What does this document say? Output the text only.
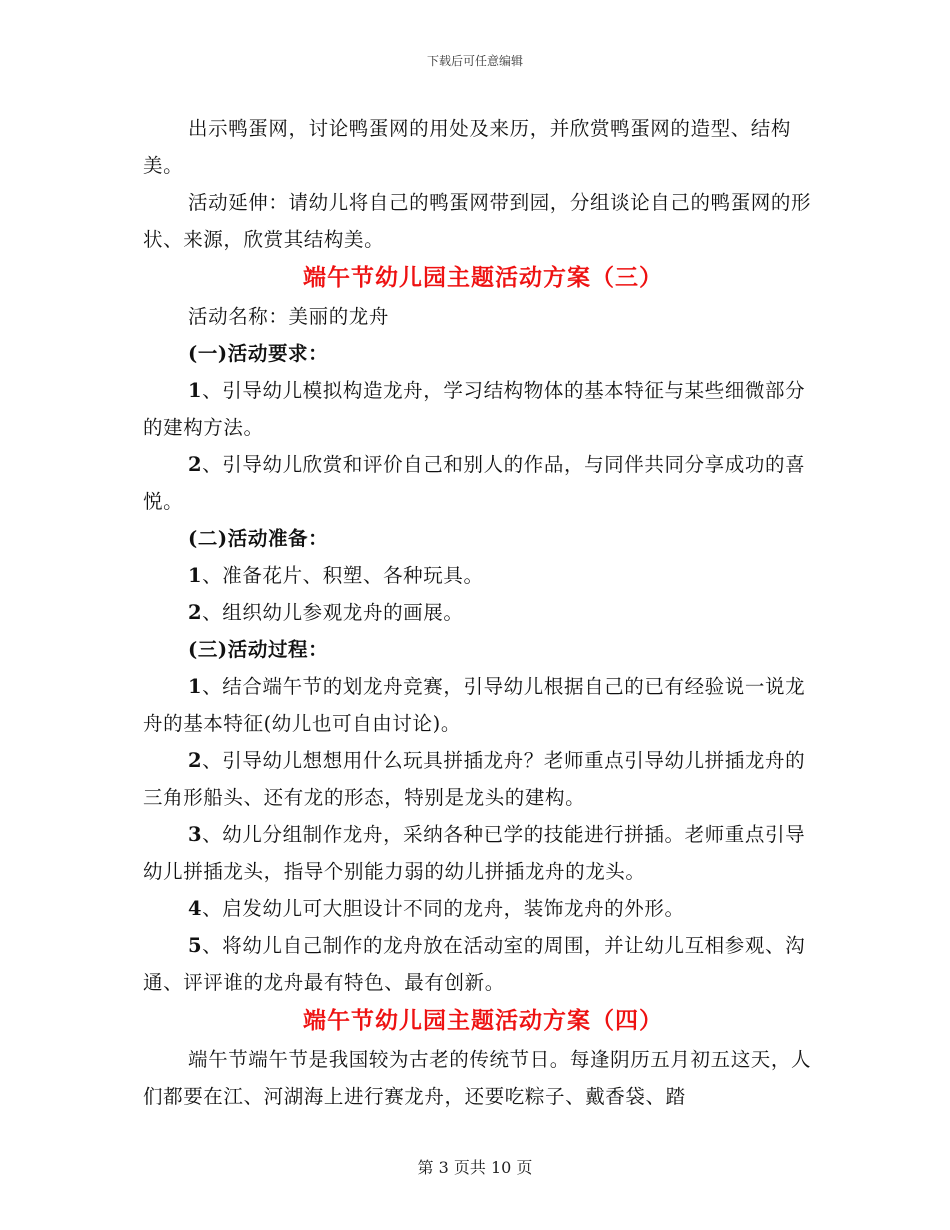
下载后可任意编辑

出示鸭蛋网，讨论鸭蛋网的用处及来历，并欣赏鸭蛋网的造型、结构美。

活动延伸：请幼儿将自己的鸭蛋网带到园，分组谈论自己的鸭蛋网的形状、来源，欣赏其结构美。

端午节幼儿园主题活动方案（三）

活动名称：美丽的龙舟

(一)活动要求：

1、引导幼儿模拟构造龙舟，学习结构物体的基本特征与某些细微部分的建构方法。

2、引导幼儿欣赏和评价自己和别人的作品，与同伴共同分享成功的喜悦。

(二)活动准备：

1、准备花片、积塑、各种玩具。

2、组织幼儿参观龙舟的画展。

(三)活动过程：

1、结合端午节的划龙舟竞赛，引导幼儿根据自己的已有经验说一说龙舟的基本特征(幼儿也可自由讨论)。

2、引导幼儿想想用什么玩具拼插龙舟？老师重点引导幼儿拼插龙舟的三角形船头、还有龙的形态，特别是龙头的建构。

3、幼儿分组制作龙舟，采纳各种已学的技能进行拼插。老师重点引导幼儿拼插龙头，指导个别能力弱的幼儿拼插龙舟的龙头。

4、启发幼儿可大胆设计不同的龙舟，装饰龙舟的外形。

5、将幼儿自己制作的龙舟放在活动室的周围，并让幼儿互相参观、沟通、评评谁的龙舟最有特色、最有创新。

端午节幼儿园主题活动方案（四）

端午节端午节是我国较为古老的传统节日。每逢阴历五月初五这天，人们都要在江、河湖海上进行赛龙舟，还要吃粽子、戴香袋、踏

第 3 页共 10 页
